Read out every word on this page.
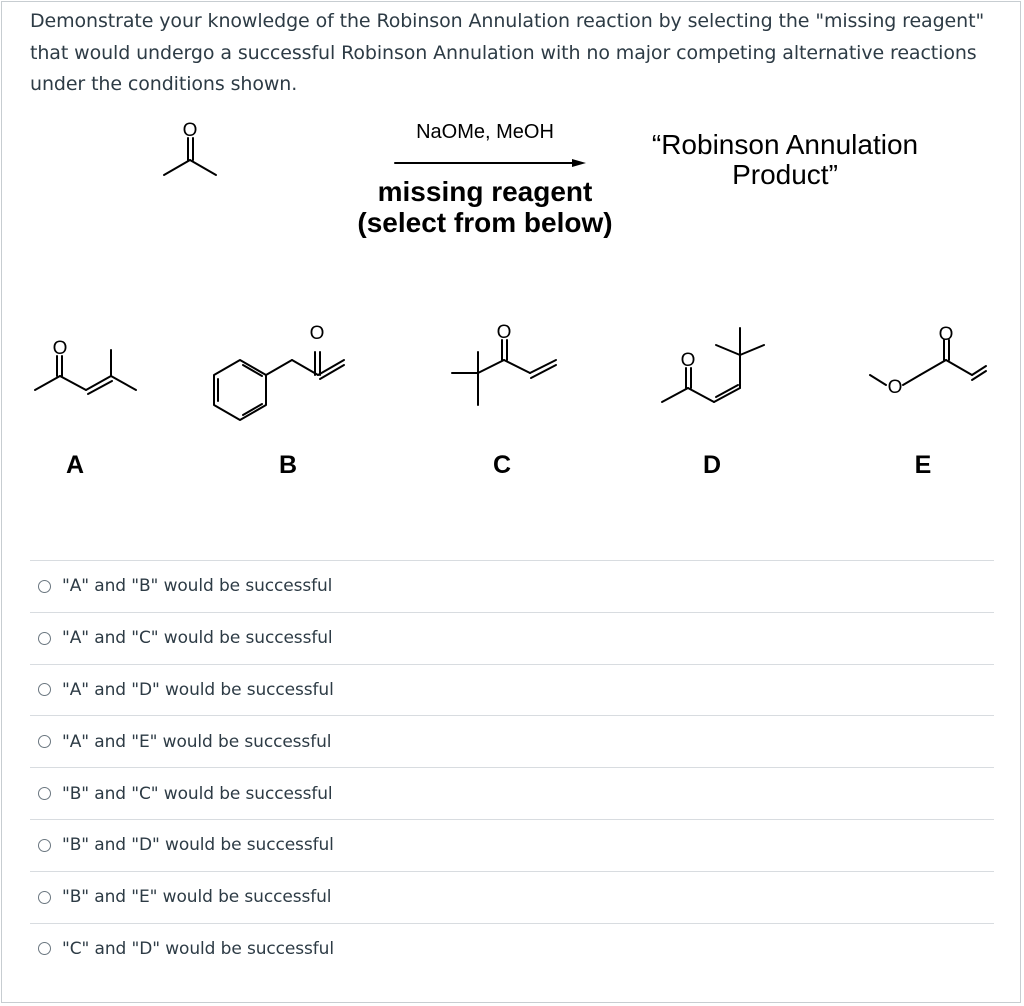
Demonstrate your knowledge of the Robinson Annulation reaction by selecting the "missing reagent" that would undergo a successful Robinson Annulation with no major competing alternative reactions under the conditions shown.
NaOMe, MeOH
missing reagent
(select from below)
“Robinson Annulation
Product”
O
O
O	O
O
O
O
A	B	C	D	E
"A" and "B" would be successful
"A" and "C" would be successful
"A" and "D" would be successful
"A" and "E" would be successful
"B" and "C" would be successful
"B" and "D" would be successful
"B" and "E" would be successful
"C" and "D" would be successful
